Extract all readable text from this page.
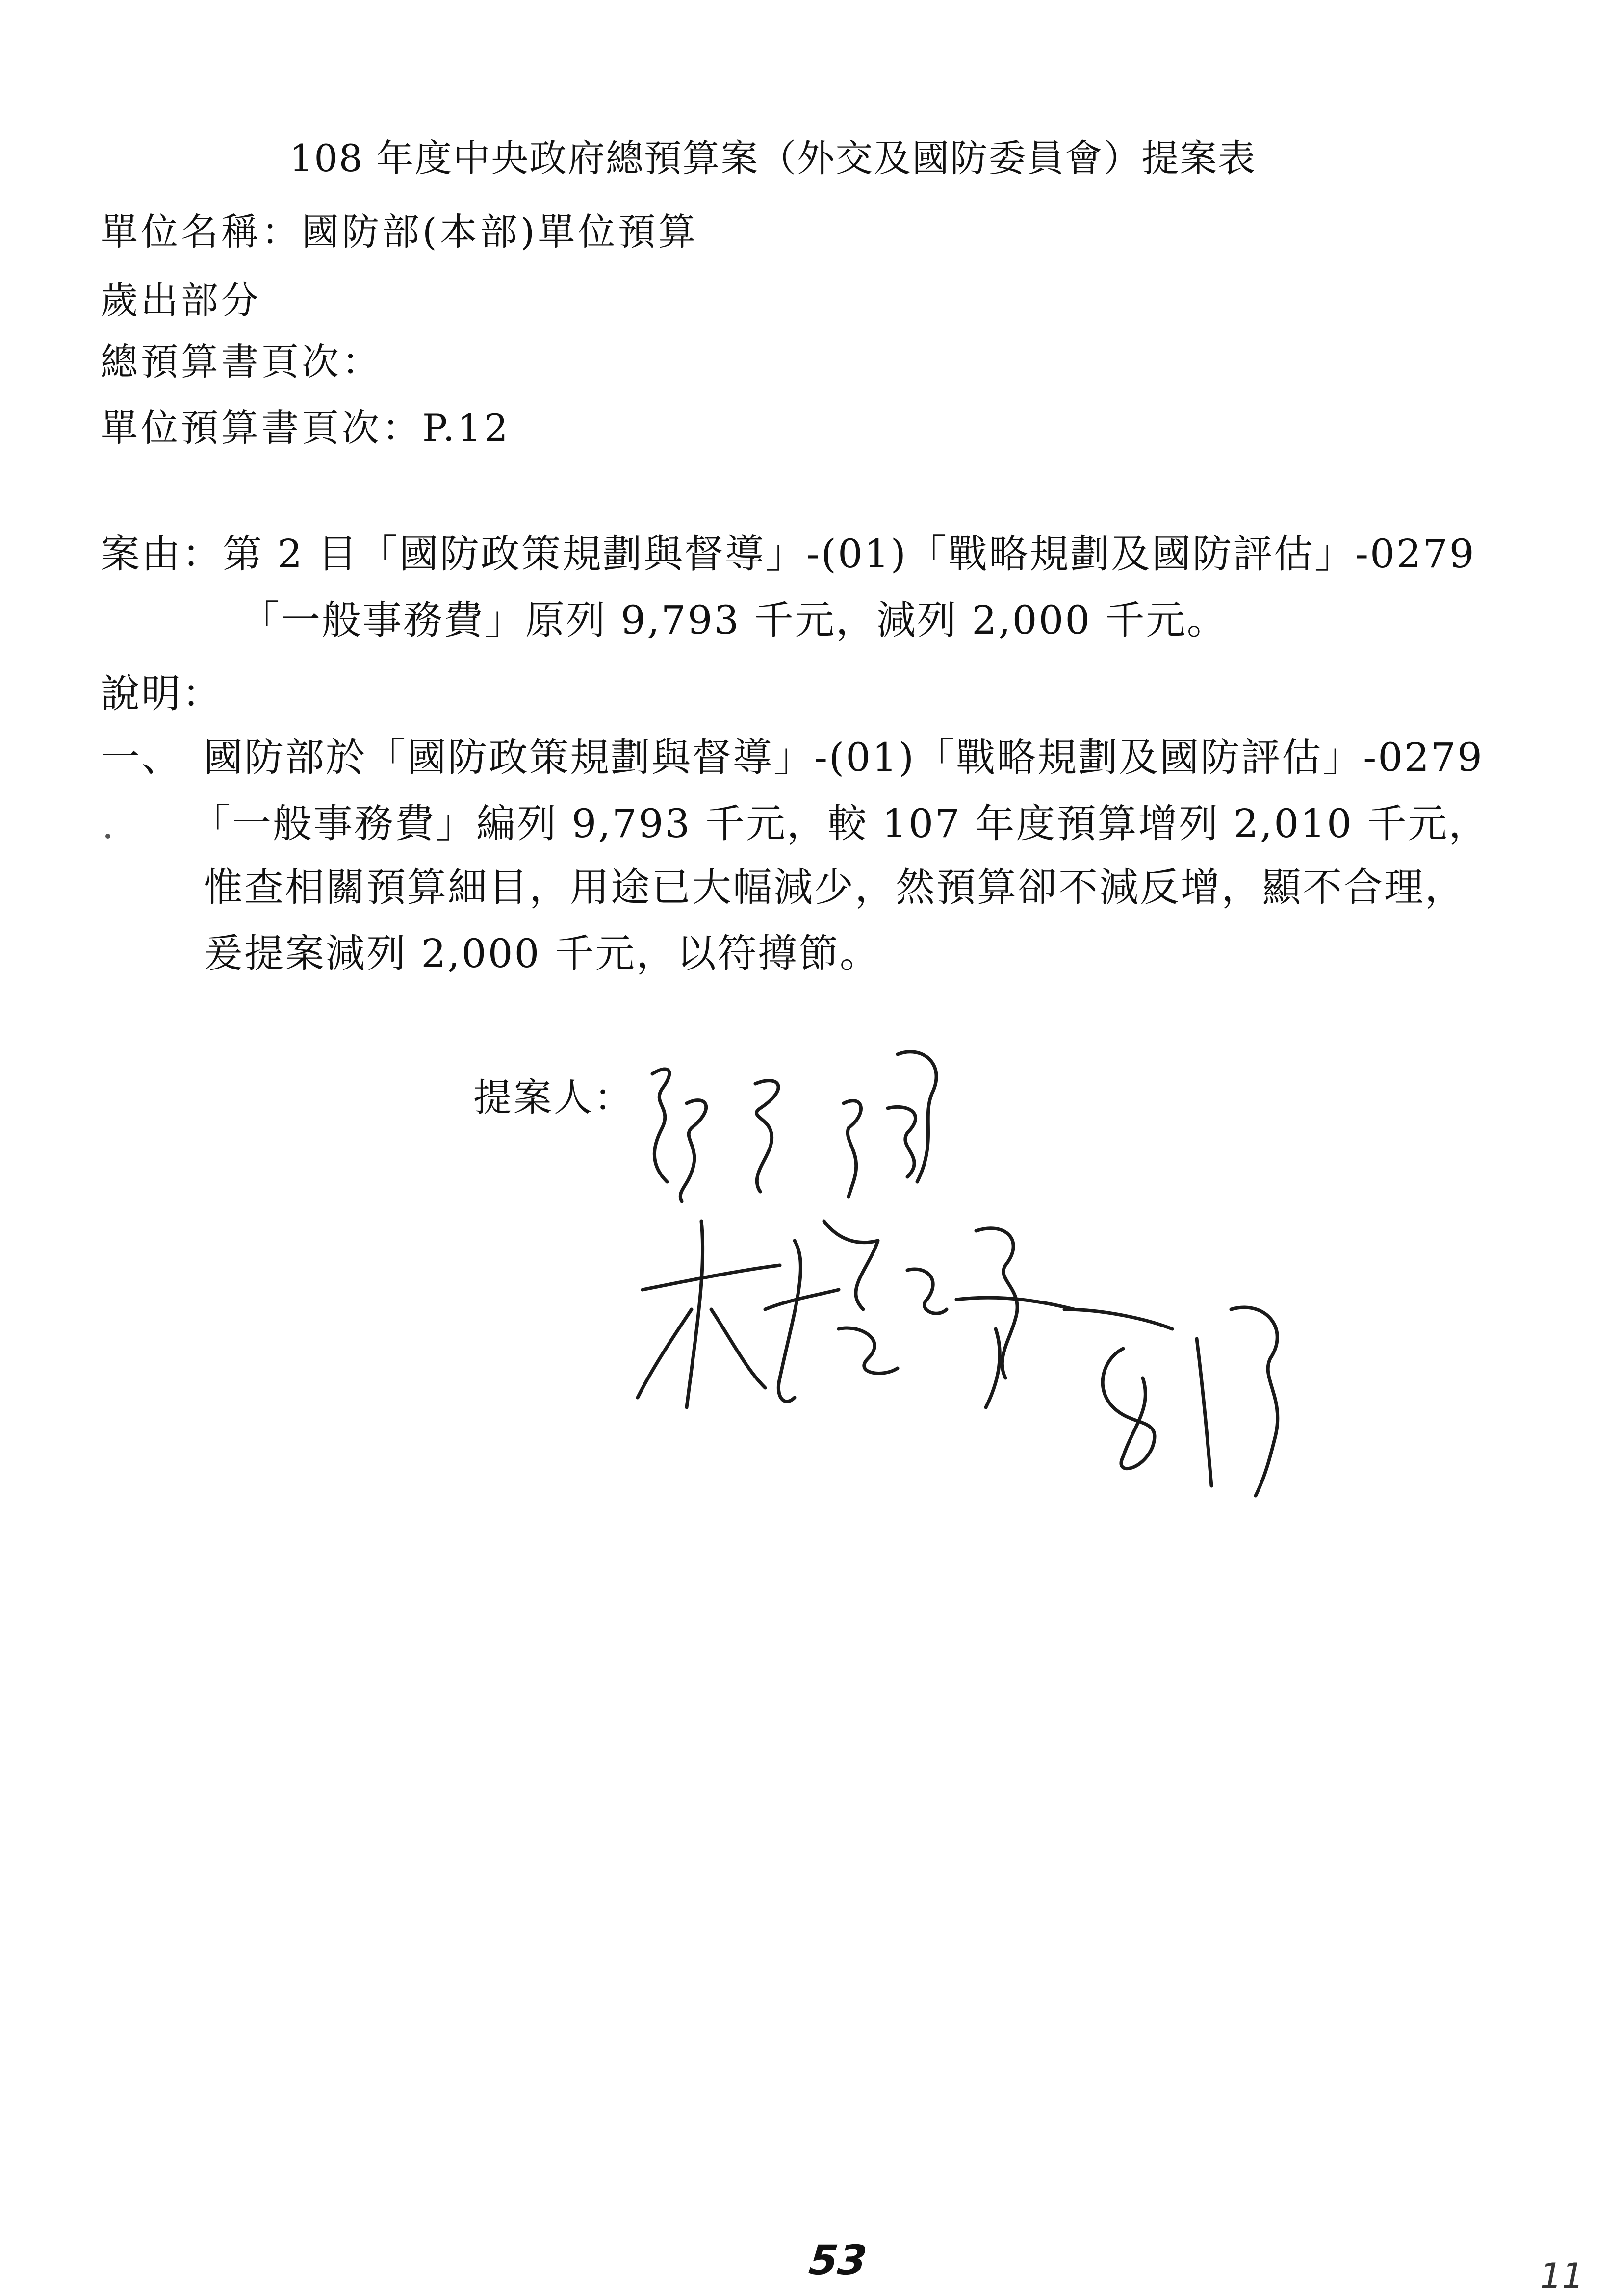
108 年度中央政府總預算案（外交及國防委員會）提案表
單位名稱：國防部(本部)單位預算
歲出部分
總預算書頁次：
單位預算書頁次：P.12
案由：第 2 目「國防政策規劃與督導」-(01)「戰略規劃及國防評估」-0279
「一般事務費」原列 9,793 千元，減列 2,000 千元。
說明：
一、 國防部於「國防政策規劃與督導」-(01)「戰略規劃及國防評估」-0279
「一般事務費」編列 9,793 千元，較 107 年度預算增列 2,010 千元，
惟查相關預算細目，用途已大幅減少，然預算卻不減反增，顯不合理，
爰提案減列 2,000 千元，以符撙節。
提案人：
53	11
